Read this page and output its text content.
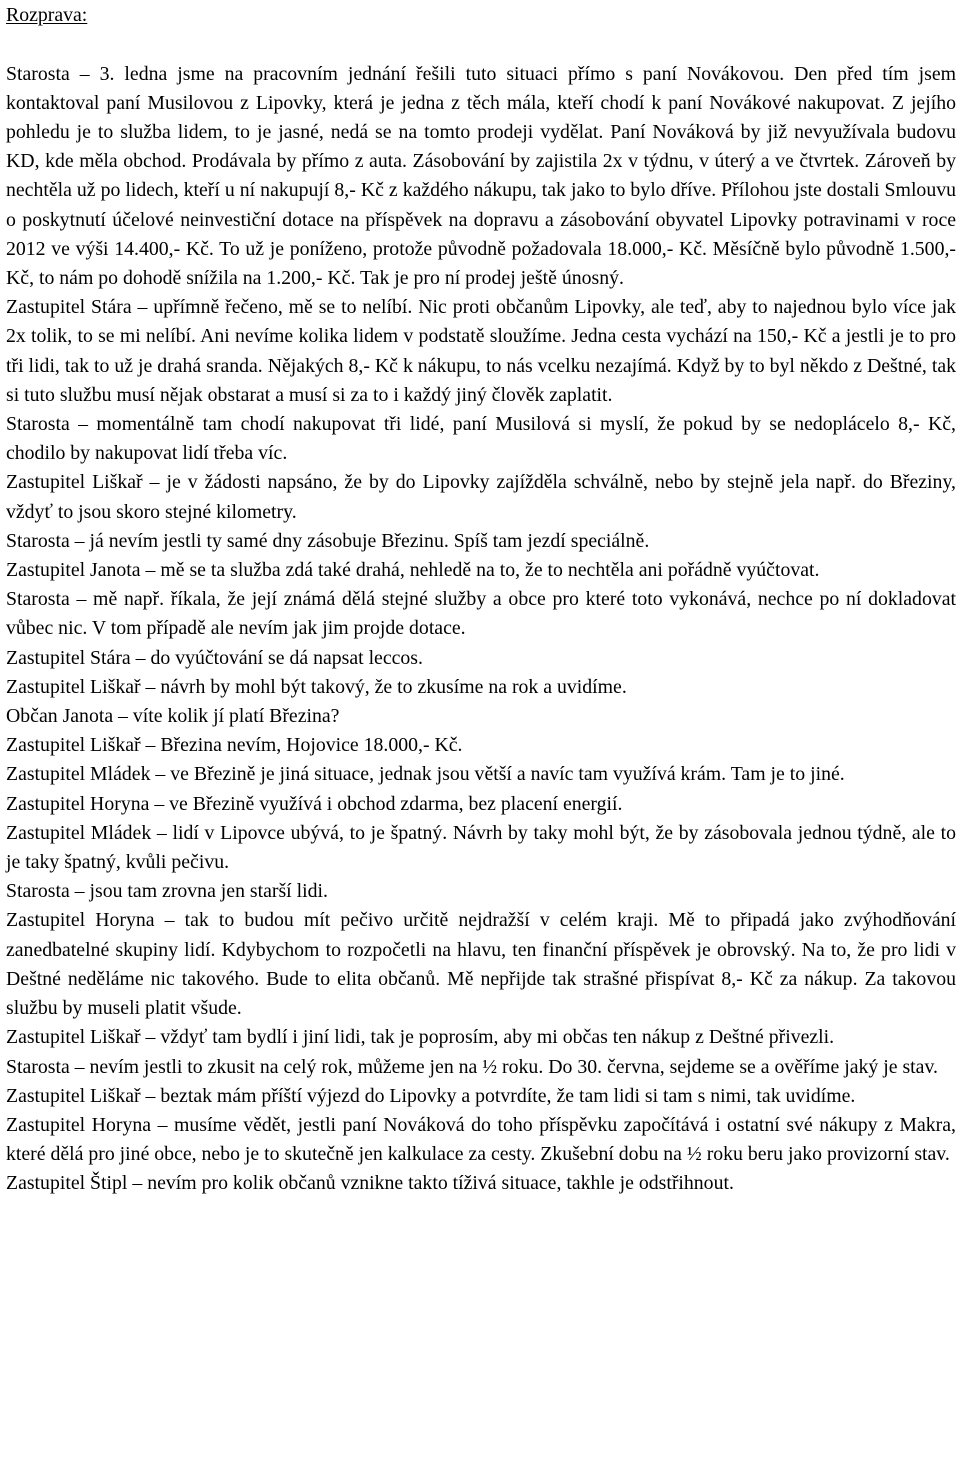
Rozprava:

Starosta – 3. ledna jsme na pracovním jednání řešili tuto situaci přímo s paní Novákovou. Den před tím jsem kontaktoval paní Musilovou z Lipovky, která je jedna z těch mála, kteří chodí k paní Novákové nakupovat. Z jejího pohledu je to služba lidem, to je jasné, nedá se na tomto prodeji vydělat. Paní Nováková by již nevyužívala budovu KD, kde měla obchod. Prodávala by přímo z auta. Zásobování by zajistila 2x v týdnu, v úterý a ve čtvrtek. Zároveň by nechtěla už po lidech, kteří u ní nakupují 8,- Kč z každého nákupu, tak jako to bylo dříve. Přílohou jste dostali Smlouvu o poskytnutí účelové neinvestiční dotace na příspěvek na dopravu a zásobování obyvatel Lipovky potravinami v roce 2012 ve výši 14.400,- Kč. To už je poníženo, protože původně požadovala 18.000,- Kč. Měsíčně bylo původně 1.500,- Kč, to nám po dohodě snížila na 1.200,- Kč. Tak je pro ní prodej ještě únosný.

Zastupitel Stára – upřímně řečeno, mě se to nelíbí. Nic proti občanům Lipovky, ale teď, aby to najednou bylo více jak 2x tolik, to se mi nelíbí. Ani nevíme kolika lidem v podstatě sloužíme. Jedna cesta vychází na 150,- Kč a jestli je to pro tři lidi, tak to už je drahá sranda. Nějakých 8,- Kč k nákupu, to nás vcelku nezajímá. Když by to byl někdo z Deštné, tak si tuto službu musí nějak obstarat a musí si za to i každý jiný člověk zaplatit.

Starosta – momentálně tam chodí nakupovat tři lidé, paní Musilová si myslí, že pokud by se nedoplácelo 8,- Kč, chodilo by nakupovat lidí třeba víc.

Zastupitel Liškař – je v žádosti napsáno, že by do Lipovky zajížděla schválně, nebo by stejně jela např. do Březiny, vždyť to jsou skoro stejné kilometry.

Starosta – já nevím jestli ty samé dny zásobuje Březinu. Spíš tam jezdí speciálně.

Zastupitel Janota – mě se ta služba zdá také drahá, nehledě na to, že to nechtěla ani pořádně vyúčtovat.

Starosta – mě např. říkala, že její známá dělá stejné služby a obce pro které toto vykonává, nechce po ní dokladovat vůbec nic. V tom případě ale nevím jak jim projde dotace.

Zastupitel Stára – do vyúčtování se dá napsat leccos.

Zastupitel Liškař – návrh by mohl být takový, že to zkusíme na rok a uvidíme.

Občan Janota – víte kolik jí platí Březina?

Zastupitel Liškař – Březina nevím, Hojovice 18.000,- Kč.

Zastupitel Mládek – ve Březině je jiná situace, jednak jsou větší a navíc tam využívá krám. Tam je to jiné.

Zastupitel Horyna – ve Březině využívá i obchod zdarma, bez placení energií.

Zastupitel Mládek – lidí v Lipovce ubývá, to je špatný. Návrh by taky mohl být, že by zásobovala jednou týdně, ale to je taky špatný, kvůli pečivu.

Starosta – jsou tam zrovna jen starší lidi.

Zastupitel Horyna – tak to budou mít pečivo určitě nejdražší v celém kraji. Mě to připadá jako zvýhodňování zanedbatelné skupiny lidí. Kdybychom to rozpočetli na hlavu, ten finanční příspěvek je obrovský. Na to, že pro lidi v Deštné neděláme nic takového. Bude to elita občanů. Mě nepřijde tak strašné přispívat 8,- Kč za nákup. Za takovou službu by museli platit všude.

Zastupitel Liškař – vždyť tam bydlí i jiní lidi, tak je poprosím, aby mi občas ten nákup z Deštné přivezli.

Starosta – nevím jestli to zkusit na celý rok, můžeme jen na ½ roku. Do 30. června, sejdeme se a ověříme jaký je stav.

Zastupitel Liškař – beztak mám příští výjezd do Lipovky a potvrdíte, že tam lidi si tam s nimi, tak uvidíme.

Zastupitel Horyna – musíme vědět, jestli paní Nováková do toho příspěvku započítává i ostatní své nákupy z Makra, které dělá pro jiné obce, nebo je to skutečně jen kalkulace za cesty. Zkušební dobu na ½ roku beru jako provizorní stav.

Zastupitel Štipl – nevím pro kolik občanů vznikne takto tíživá situace, takhle je odstřihnout.
